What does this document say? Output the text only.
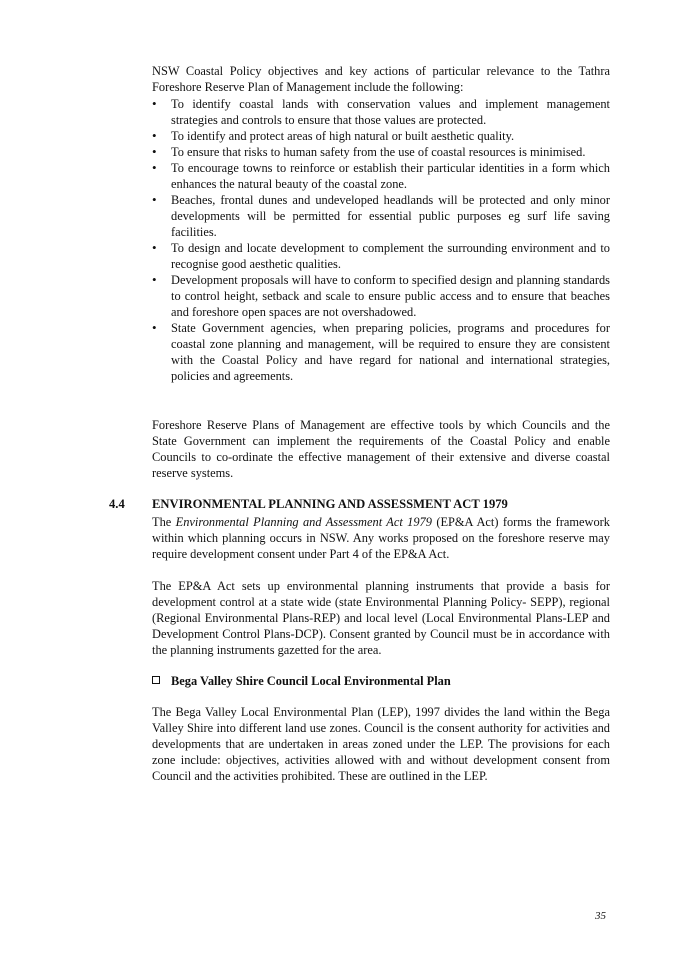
NSW Coastal Policy objectives and key actions of particular relevance to the Tathra Foreshore Reserve Plan of Management include the following:

• To identify coastal lands with conservation values and implement management strategies and controls to ensure that those values are protected.
• To identify and protect areas of high natural or built aesthetic quality.
• To ensure that risks to human safety from the use of coastal resources is minimised.
• To encourage towns to reinforce or establish their particular identities in a form which enhances the natural beauty of the coastal zone.
• Beaches, frontal dunes and undeveloped headlands will be protected and only minor developments will be permitted for essential public purposes eg surf life saving facilities.
• To design and locate development to complement the surrounding environment and to recognise good aesthetic qualities.
• Development proposals will have to conform to specified design and planning standards to control height, setback and scale to ensure public access and to ensure that beaches and foreshore open spaces are not overshadowed.
• State Government agencies, when preparing policies, programs and procedures for coastal zone planning and management, will be required to ensure they are consistent with the Coastal Policy and have regard for national and international strategies, policies and agreements.

Foreshore Reserve Plans of Management are effective tools by which Councils and the State Government can implement the requirements of the Coastal Policy and enable Councils to co-ordinate the effective management of their extensive and diverse coastal reserve systems.

4.4 ENVIRONMENTAL PLANNING AND ASSESSMENT ACT 1979

The Environmental Planning and Assessment Act 1979 (EP&A Act) forms the framework within which planning occurs in NSW. Any works proposed on the foreshore reserve may require development consent under Part 4 of the EP&A Act.

The EP&A Act sets up environmental planning instruments that provide a basis for development control at a state wide (state Environmental Planning Policy- SEPP), regional (Regional Environmental Plans-REP) and local level (Local Environmental Plans-LEP and Development Control Plans-DCP). Consent granted by Council must be in accordance with the planning instruments gazetted for the area.

Bega Valley Shire Council Local Environmental Plan

The Bega Valley Local Environmental Plan (LEP), 1997 divides the land within the Bega Valley Shire into different land use zones. Council is the consent authority for activities and developments that are undertaken in areas zoned under the LEP. The provisions for each zone include: objectives, activities allowed with and without development consent from Council and the activities prohibited. These are outlined in the LEP.

35
